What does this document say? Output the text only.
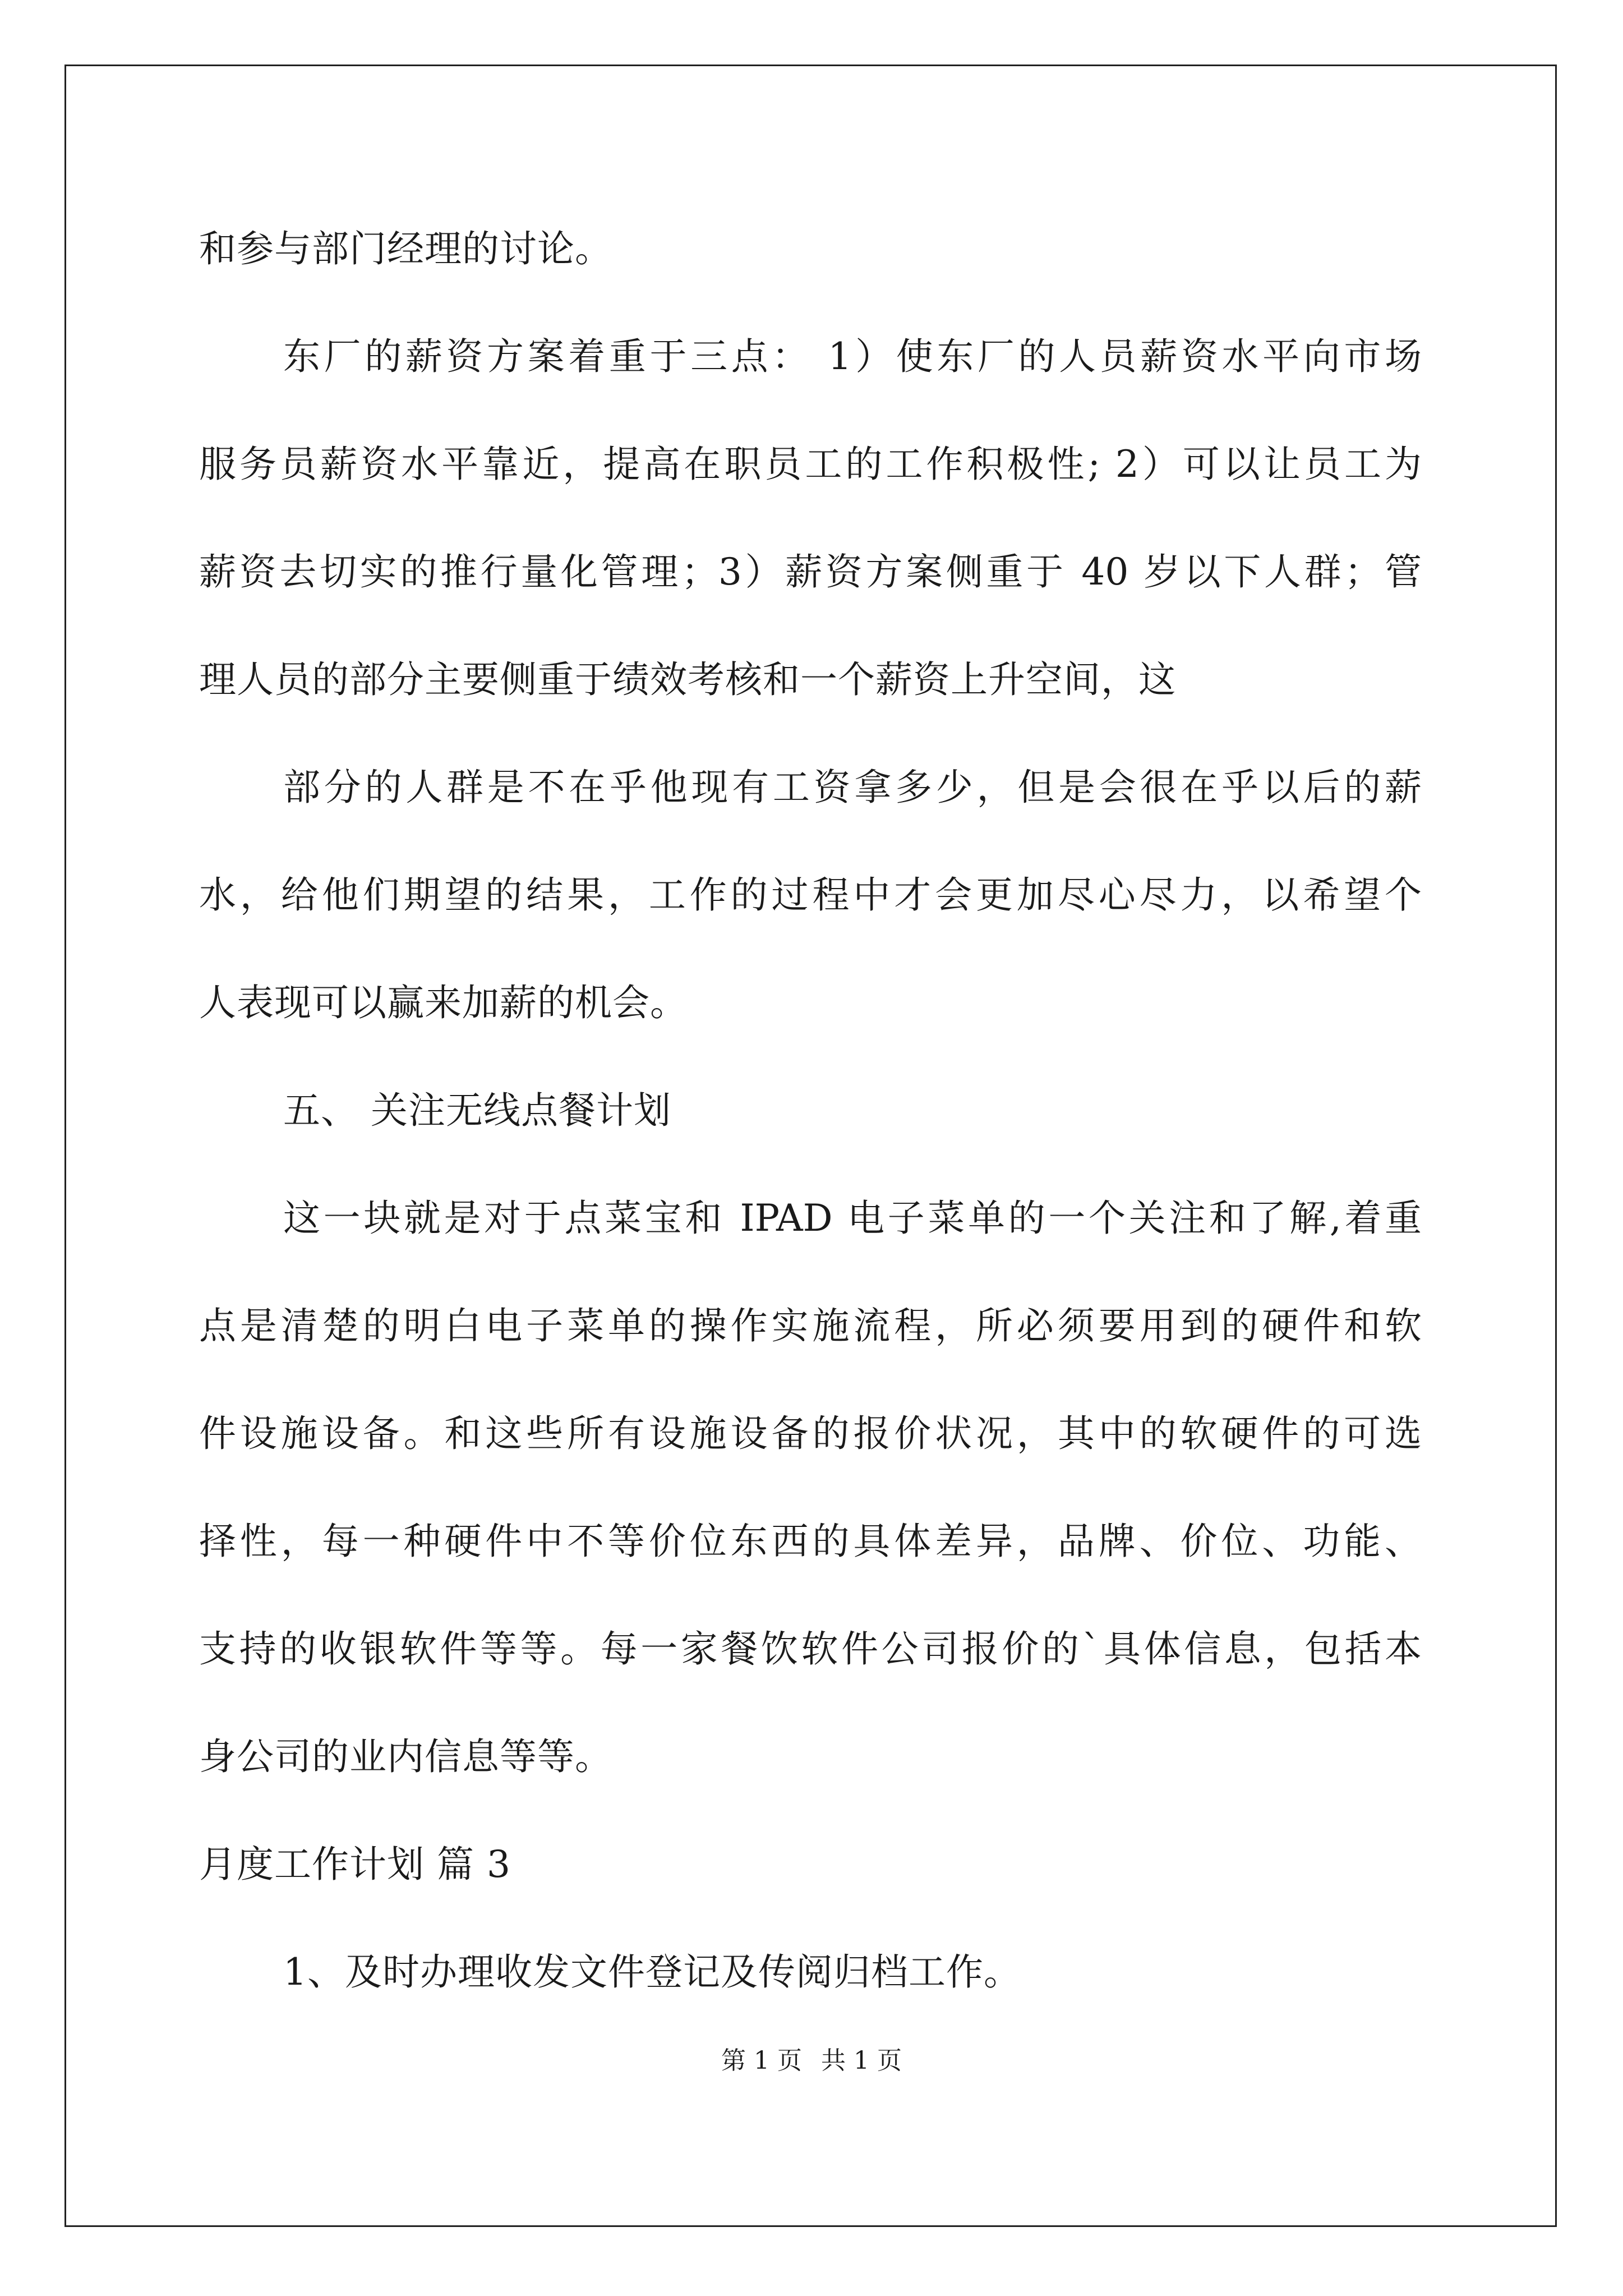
和参与部门经理的讨论。
东厂的薪资方案着重于三点： 1）使东厂的人员薪资水平向市场
服务员薪资水平靠近，提高在职员工的工作积极性; 2）可以让员工为
薪资去切实的推行量化管理；3）薪资方案侧重于 40 岁以下人群；管
理人员的部分主要侧重于绩效考核和一个薪资上升空间，这
部分的人群是不在乎他现有工资拿多少，但是会很在乎以后的薪
水，给他们期望的结果，工作的过程中才会更加尽心尽力，以希望个
人表现可以赢来加薪的机会。
五、 关注无线点餐计划
这一块就是对于点菜宝和 IPAD 电子菜单的一个关注和了解,着重
点是清楚的明白电子菜单的操作实施流程，所必须要用到的硬件和软
件设施设备。和这些所有设施设备的报价状况，其中的软硬件的可选
择性，每一种硬件中不等价位东西的具体差异，品牌、价位、功能、
支持的收银软件等等。每一家餐饮软件公司报价的`具体信息，包括本
身公司的业内信息等等。
月度工作计划 篇 3
1、及时办理收发文件登记及传阅归档工作。
第 1 页 共 1 页
